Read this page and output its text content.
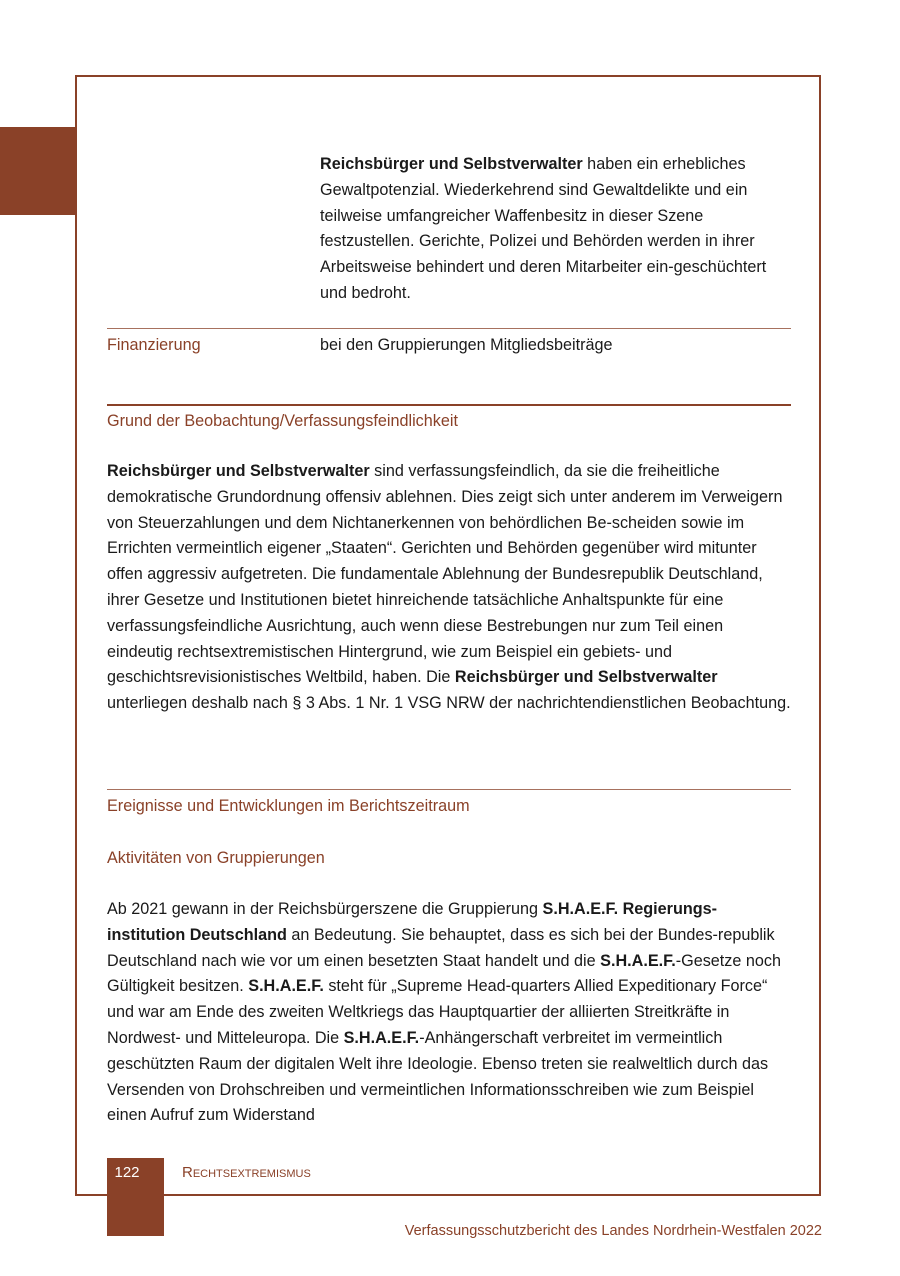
Reichsbürger und Selbstverwalter haben ein erhebliches Gewaltpotenzial. Wiederkehrend sind Gewaltdelikte und ein teilweise umfangreicher Waffenbesitz in dieser Szene festzustellen. Gerichte, Polizei und Behörden werden in ihrer Arbeitsweise behindert und deren Mitarbeiter ein-geschüchtert und bedroht.
Finanzierung	bei den Gruppierungen Mitgliedsbeiträge
Grund der Beobachtung/Verfassungsfeindlichkeit
Reichsbürger und Selbstverwalter sind verfassungsfeindlich, da sie die freiheitliche demokratische Grundordnung offensiv ablehnen. Dies zeigt sich unter anderem im Verweigern von Steuerzahlungen und dem Nichtanerkennen von behördlichen Be-scheiden sowie im Errichten vermeintlich eigener „Staaten“. Gerichten und Behörden gegenüber wird mitunter offen aggressiv aufgetreten. Die fundamentale Ablehnung der Bundesrepublik Deutschland, ihrer Gesetze und Institutionen bietet hinreichende tatsächliche Anhaltspunkte für eine verfassungsfeindliche Ausrichtung, auch wenn diese Bestrebungen nur zum Teil einen eindeutig rechtsextremistischen Hintergrund, wie zum Beispiel ein gebiets- und geschichtsrevisionistisches Weltbild, haben. Die Reichsbürger und Selbstverwalter unterliegen deshalb nach § 3 Abs. 1 Nr. 1 VSG NRW der nachrichtendienstlichen Beobachtung.
Ereignisse und Entwicklungen im Berichtszeitraum
Aktivitäten von Gruppierungen
Ab 2021 gewann in der Reichsbürgerszene die Gruppierung S.H.A.E.F. Regierungs-institution Deutschland an Bedeutung. Sie behauptet, dass es sich bei der Bundes-republik Deutschland nach wie vor um einen besetzten Staat handelt und die S.H.A.E.F.-Gesetze noch Gültigkeit besitzen. S.H.A.E.F. steht für „Supreme Head-quarters Allied Expeditionary Force“ und war am Ende des zweiten Weltkriegs das Hauptquartier der alliierten Streitkräfte in Nordwest- und Mitteleuropa. Die S.H.A.E.F.-Anhängerschaft verbreitet im vermeintlich geschützten Raum der digitalen Welt ihre Ideologie. Ebenso treten sie realweltlich durch das Versenden von Drohschreiben und vermeintlichen Informationsschreiben wie zum Beispiel einen Aufruf zum Widerstand
122	Rechtsextremismus
Verfassungsschutzbericht des Landes Nordrhein-Westfalen 2022
